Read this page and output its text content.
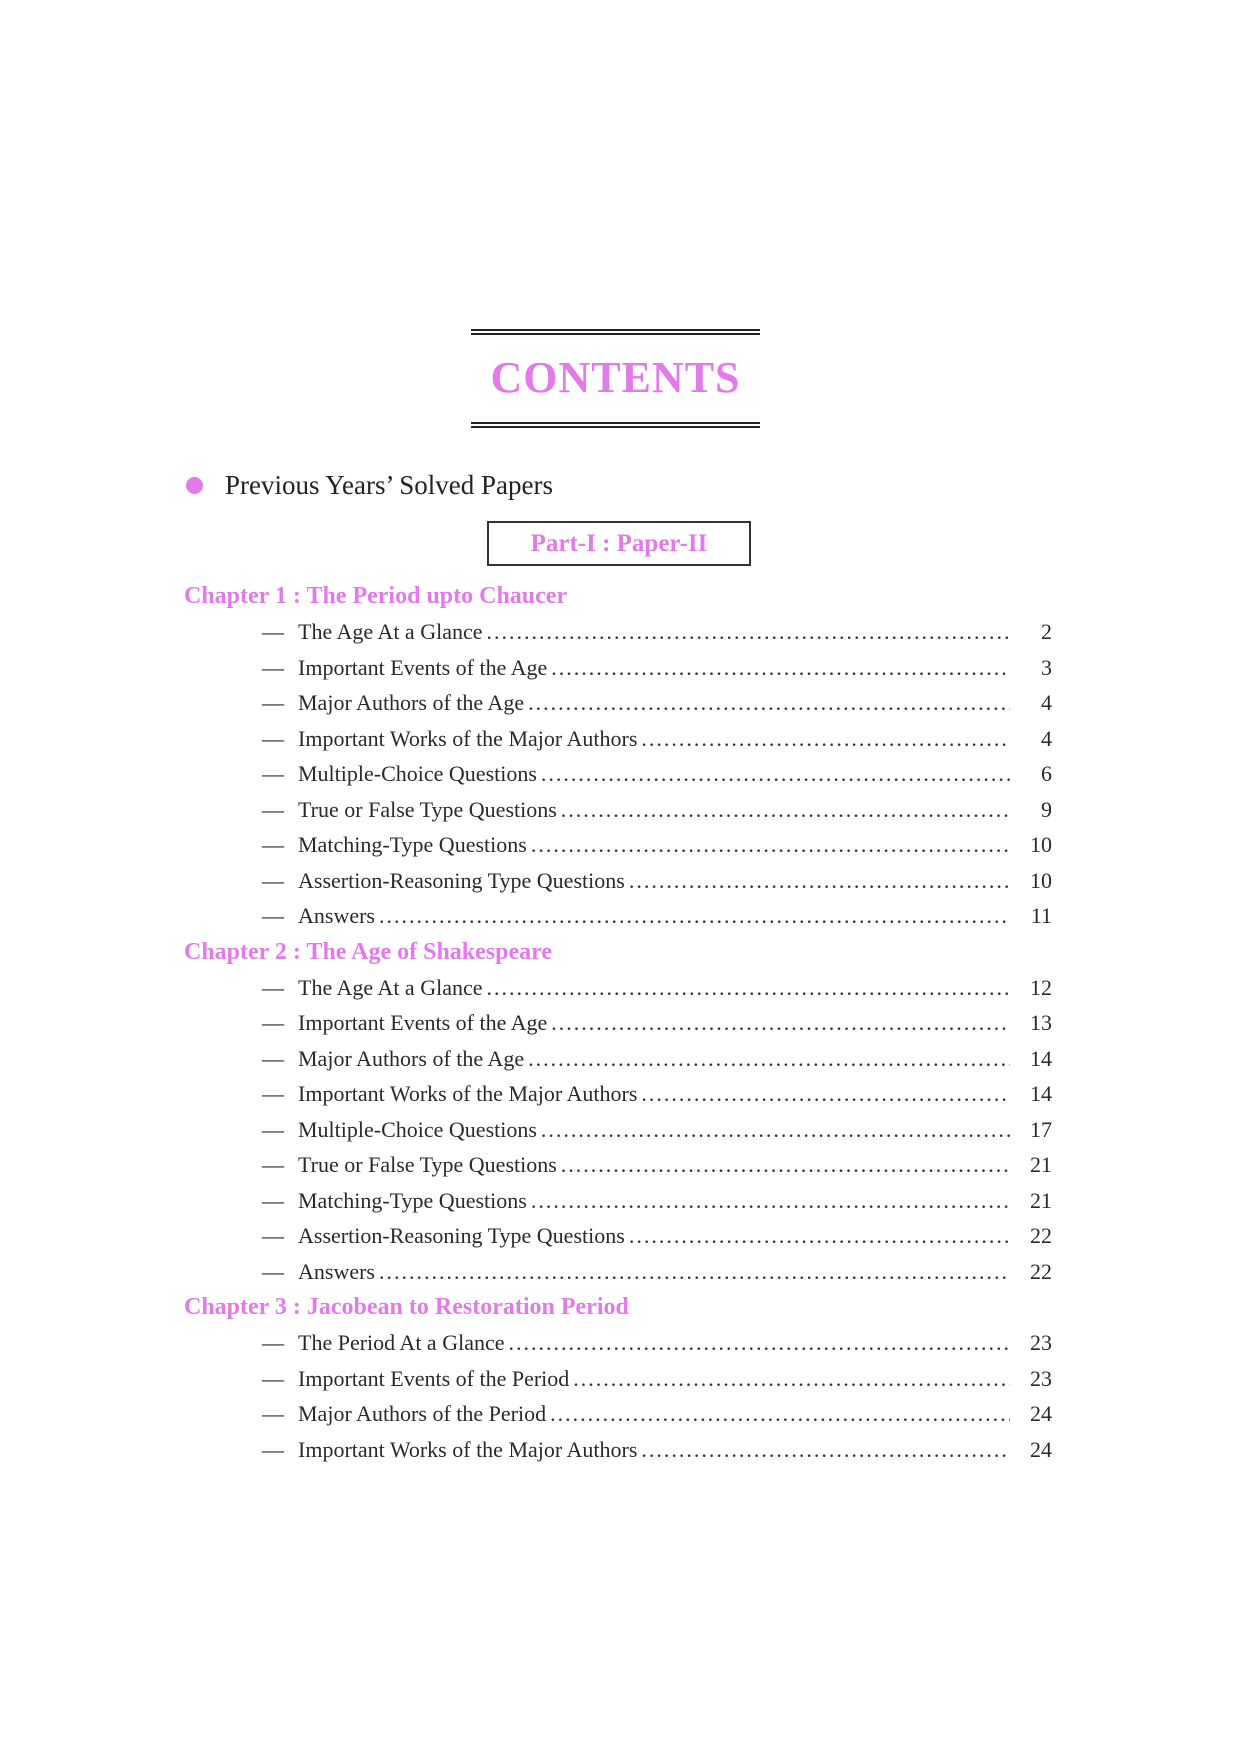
CONTENTS
Previous Years’ Solved Papers
Part-I : Paper-II
Chapter 1 : The Period upto Chaucer
— The Age At a Glance .....	2
— Important Events of the Age .....	3
— Major Authors of the Age .....	4
— Important Works of the Major Authors .....	4
— Multiple-Choice Questions .....	6
— True or False Type Questions .....	9
— Matching-Type Questions .....	10
— Assertion-Reasoning Type Questions .....	10
— Answers .....	11
Chapter 2 : The Age of Shakespeare
— The Age At a Glance .....	12
— Important Events of the Age .....	13
— Major Authors of the Age .....	14
— Important Works of the Major Authors .....	14
— Multiple-Choice Questions .....	17
— True or False Type Questions .....	21
— Matching-Type Questions .....	21
— Assertion-Reasoning Type Questions .....	22
— Answers .....	22
Chapter 3 : Jacobean to Restoration Period
— The Period At a Glance .....	23
— Important Events of the Period .....	23
— Major Authors of the Period .....	24
— Important Works of the Major Authors .....	24
